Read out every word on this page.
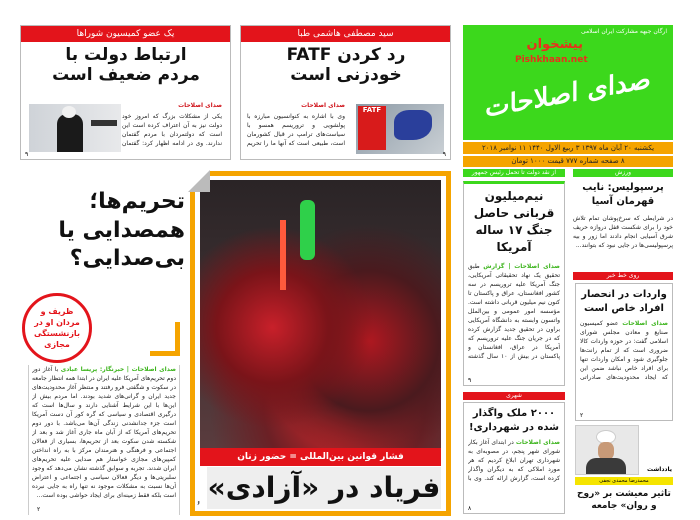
یک عضو کمیسیون شوراها
ارتباط دولت با مردم ضعیف است
صدای اصلاحات
یکی از مشکلات بزرگ که امروز خود دولت نیز به آن اعتراف کرده است این است که دولتمردان با مردم گفتمان ندارند. وی در ادامه اظهار کرد: گفتمان
۹
سید مصطفی هاشمی طبا
رد کردن FATF خودزنی است
FATF
صدای اصلاحات
وی با اشاره به کنوانسیون مبارزه با پولشویی و تروریسم همسو با سیاست‌های ترامپ در قبال کشورمان است، طبیعی است که آنها ما را تحریم
۹
ارگان جبهه مشارکت ایران اسلامی
پیشخوان
Pishkhaan.net
صدای اصلاحات
یکشنبه ۲۰ آبان ماه ۱۳۹۷ ۳ ربیع الاول ۱۴۴۰ ۱۱ نوامبر ۲۰۱۸
۸ صفحه شماره ۷۷۷ قیمت ۱۰۰۰ تومان
از نقد دولت تا تحمل رئیس جمهور	ورزش
تحریم‌ها؛ همصدایی یا بی‌صدایی؟
ظریف و مردان او در بازنشستگی مجازی
صدای اصلاحات | خبرنگار: پریسا عبادی با آغاز دور دوم تحریم‌های آمریکا علیه ایران در ابتدا همه انتظار جامعه در سکوت و شگفتی فرو رفتند و منتظر آغاز محدودیت‌های جدید ایران و گرانی‌های شدید بودند. اما مردم بیش از این‌ها با این شرایط آشنایی دارند و سال‌ها است که درگیری اقتصادی و سیاسی که گره کور آن دست آمریکا است جزء جدانشدنی زندگی آن‌ها می‌باشد. با دور دوم تحریم‌های آمریکا که از آبان ماه جاری آغاز شد و بعد از شکسته شدن سکوت بعد از تحریم‌ها، بسیاری از فعالان اجتماعی و فرهنگی و هنرمندان مرکز با به راه انداختن کمپین‌های مجازی خواستار هم صدایی علیه تحریم‌های ایران شدند. تجربه و سوابق گذشته نشان می‌دهد که وجود سلبریتی‌ها و دیگر فعالان سیاسی و اجتماعی و اعتراض آن‌ها نسبت به مشکلات موجود نه تنها راه به جایی نبرده است بلکه فقط زمینه‌ای برای ایجاد حواشی بوده است...
۲
فشار قوانین بین‌المللی = حضور زنان
فریاد در «آزادی»
۶
نیم‌میلیون قربانی حاصل جنگ ۱۷ ساله آمریکا
صدای اصلاحات | گزارش طبق تحقیق یک نهاد تحقیقاتی آمریکایی، جنگ آمریکا علیه تروریسم در سه کشور افغانستان، عراق و پاکستان تا کنون نیم میلیون قربانی داشته است. مؤسسه امور عمومی و بین‌الملل واتسون وابسته به دانشگاه آمریکایی براون در تحقیق جدید گزارش کرده که در جریان جنگ علیه تروریسم که آمریکا در عراق، افغانستان و پاکستان در بیش از ۱۰ سال گذشته
۹
شهری
۲۰۰۰ ملک واگذار شده در شهرداری!
صدای اصلاحات در ابتدای آغاز بکار شورای شهر پنجم، در مصوبه‌ای به شهرداری تهران ابلاغ کردیم که هر مورد املاکی که به دیگران واگذار کرده است، گزارش ارائه کند. وی با
۸
پرسپولیس: نایب قهرمان آسیا
در شرایطی که سرخ‌پوشان تمام تلاش خود را برای شکست قفل دروازه حریف شرق آسیایی انجام دادند اما زور و بیه پرسپولیسی‌ها در جایی نبود که بتوانند...
روی خط خبر
واردات در انحصار افراد خاص است
صدای اصلاحات عضو کمیسیون صنایع و معادن مجلس شورای اسلامی گفت: در حوزه واردات کالا ضروری است که از تمام رانت‌ها جلوگیری شود و امکان واردات تنها برای افراد خاص نباشد ضمن این که ایجاد محدودیت‌های صادراتی
۲
یادداشت
محمدرضا محمدی نجفی
تاثیر معیشت بر «روح و روان» جامعه
